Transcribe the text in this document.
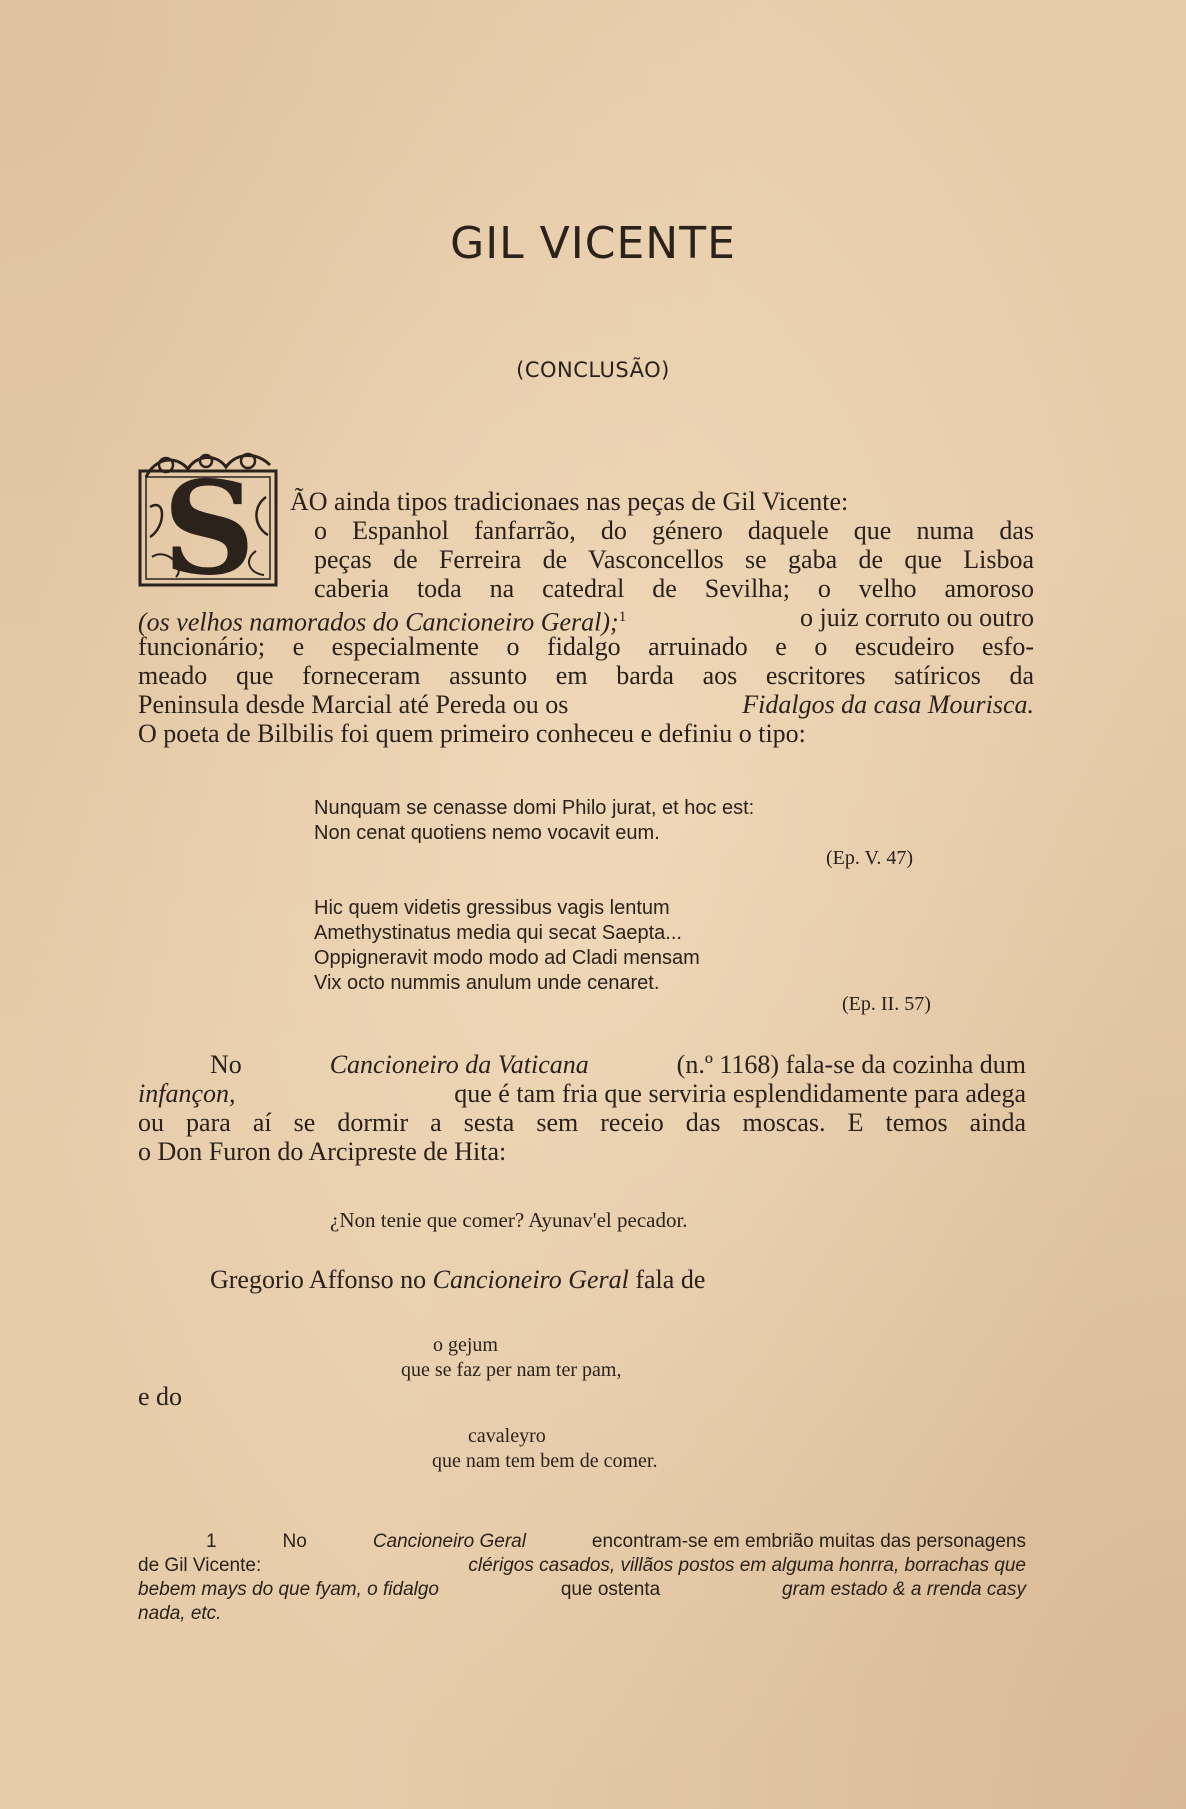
GIL VICENTE
(CONCLUSÃO)
S ÃO ainda tipos tradicionaes nas peças de Gil Vicente:
o Espanhol fanfarrão, do género daquele que numa das
peças de Ferreira de Vasconcellos se gaba de que Lisboa
caberia toda na catedral de Sevilha; o velho amoroso
(os velhos namorados do Cancioneiro Geral);$^1$	o juiz corruto ou outro
funcionário; e especialmente o fidalgo arruinado e o escudeiro esfo-
meado que forneceram assunto em barda aos escritores satíricos da
Peninsula desde Marcial até Pereda ou os	Fidalgos da casa Mourisca.
O poeta de Bilbilis foi quem primeiro conheceu e definiu o tipo:
Nunquam se cenasse domi Philo jurat, et hoc est:
Non cenat quotiens nemo vocavit eum.
(Ep. V. 47)
Hic quem videtis gressibus vagis lentum
Amethystinatus media qui secat Saepta...
Oppigneravit modo modo ad Cladi mensam
Vix octo nummis anulum unde cenaret.
(Ep. II. 57)
No	Cancioneiro da Vaticana	(n.º 1168) fala-se da cozinha dum
infançon,	que é tam fria que serviria esplendidamente para adega
ou para aí se dormir a sesta sem receio das moscas. E temos ainda
o Don Furon do Arcipreste de Hita:
¿Non tenie que comer? Ayunav'el pecador.
Gregorio Affonso no Cancioneiro Geral fala de
o gejum
que se faz per nam ter pam,
e do
cavaleyro
que nam tem bem de comer.
1	No	Cancioneiro Geral	encontram-se em embrião muitas das personagens
de Gil Vicente:	clérigos casados, villãos postos em alguma honrra, borrachas que
bebem mays do que fyam, o fidalgo	que ostenta	gram estado & a rrenda casy
nada, etc.
